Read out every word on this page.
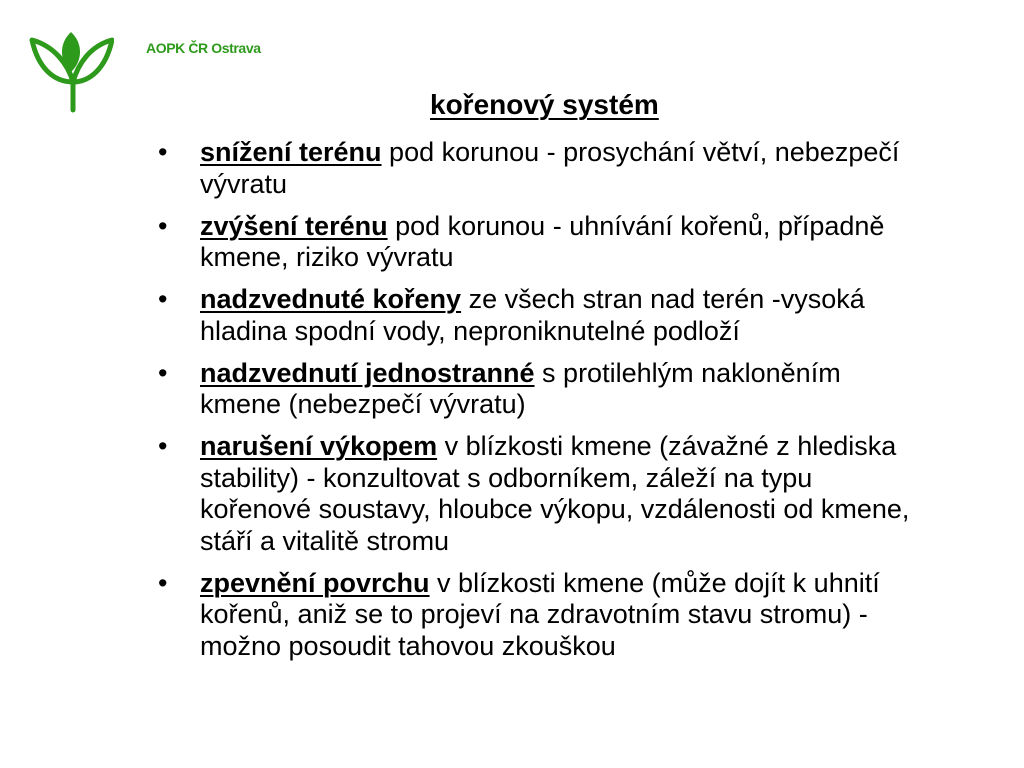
AOPK ČR Ostrava
kořenový systém
• snížení terénu pod korunou - prosychání větví, nebezpečí vývratu
• zvýšení terénu pod korunou - uhnívání kořenů, případně kmene, riziko vývratu
• nadzvednuté kořeny ze všech stran nad terén -vysoká hladina spodní vody, neproniknutelné podloží
• nadzvednutí jednostranné s protilehlým nakloněním kmene (nebezpečí vývratu)
• narušení výkopem v blízkosti kmene (závažné z hlediska stability) - konzultovat s odborníkem, záleží na typu kořenové soustavy, hloubce výkopu, vzdálenosti od kmene, stáří a vitalitě stromu
• zpevnění povrchu v blízkosti kmene (může dojít k uhnití kořenů, aniž se to projeví na zdravotním stavu stromu) - možno posoudit tahovou zkouškou
